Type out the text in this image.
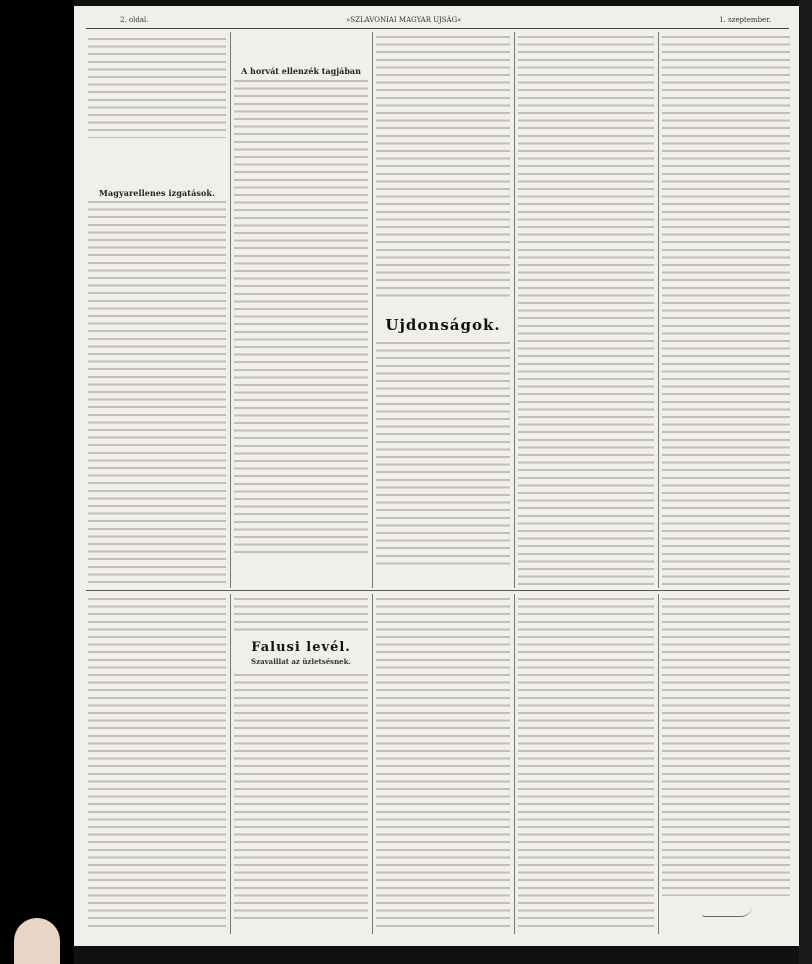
2. oldal.	»SZLAVONIAI MAGYAR UJSÁG«	1. szeptember.

Magyarellenes izgatások.
A horvát ellenzék tagjában
Ujdonságok.
Falusi levél.
Szavalllat az üzletsésnek.
